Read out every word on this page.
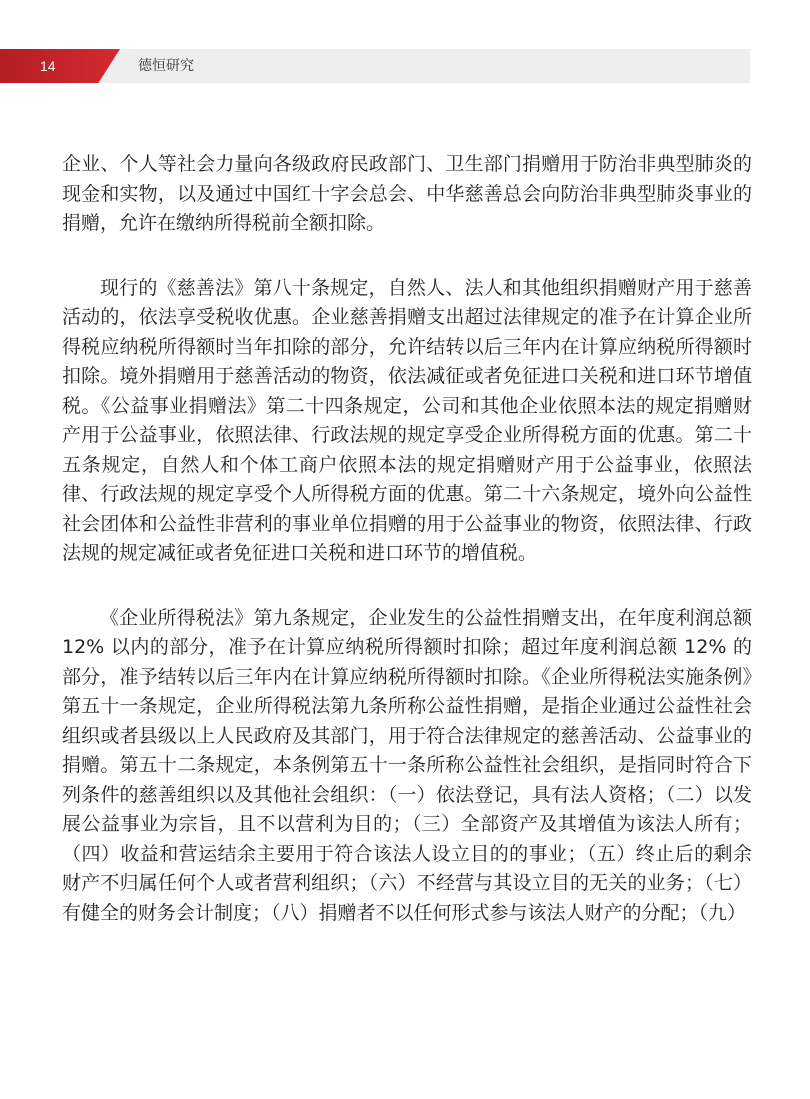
14	德恒研究

企业、个人等社会力量向各级政府民政部门、卫生部门捐赠用于防治非典型肺炎的现金和实物，以及通过中国红十字会总会、中华慈善总会向防治非典型肺炎事业的捐赠，允许在缴纳所得税前全额扣除。

现行的《慈善法》第八十条规定，自然人、法人和其他组织捐赠财产用于慈善活动的，依法享受税收优惠。企业慈善捐赠支出超过法律规定的准予在计算企业所得税应纳税所得额时当年扣除的部分，允许结转以后三年内在计算应纳税所得额时扣除。境外捐赠用于慈善活动的物资，依法减征或者免征进口关税和进口环节增值税。《公益事业捐赠法》第二十四条规定，公司和其他企业依照本法的规定捐赠财产用于公益事业，依照法律、行政法规的规定享受企业所得税方面的优惠。第二十五条规定，自然人和个体工商户依照本法的规定捐赠财产用于公益事业，依照法律、行政法规的规定享受个人所得税方面的优惠。第二十六条规定，境外向公益性社会团体和公益性非营利的事业单位捐赠的用于公益事业的物资，依照法律、行政法规的规定减征或者免征进口关税和进口环节的增值税。

《企业所得税法》第九条规定，企业发生的公益性捐赠支出，在年度利润总额 12% 以内的部分，准予在计算应纳税所得额时扣除；超过年度利润总额 12% 的部分，准予结转以后三年内在计算应纳税所得额时扣除。《企业所得税法实施条例》第五十一条规定，企业所得税法第九条所称公益性捐赠，是指企业通过公益性社会组织或者县级以上人民政府及其部门，用于符合法律规定的慈善活动、公益事业的捐赠。第五十二条规定，本条例第五十一条所称公益性社会组织，是指同时符合下列条件的慈善组织以及其他社会组织：（一）依法登记，具有法人资格；（二）以发展公益事业为宗旨，且不以营利为目的；（三）全部资产及其增值为该法人所有；（四）收益和营运结余主要用于符合该法人设立目的的事业；（五）终止后的剩余财产不归属任何个人或者营利组织；（六）不经营与其设立目的无关的业务；（七）有健全的财务会计制度；（八）捐赠者不以任何形式参与该法人财产的分配；（九）
